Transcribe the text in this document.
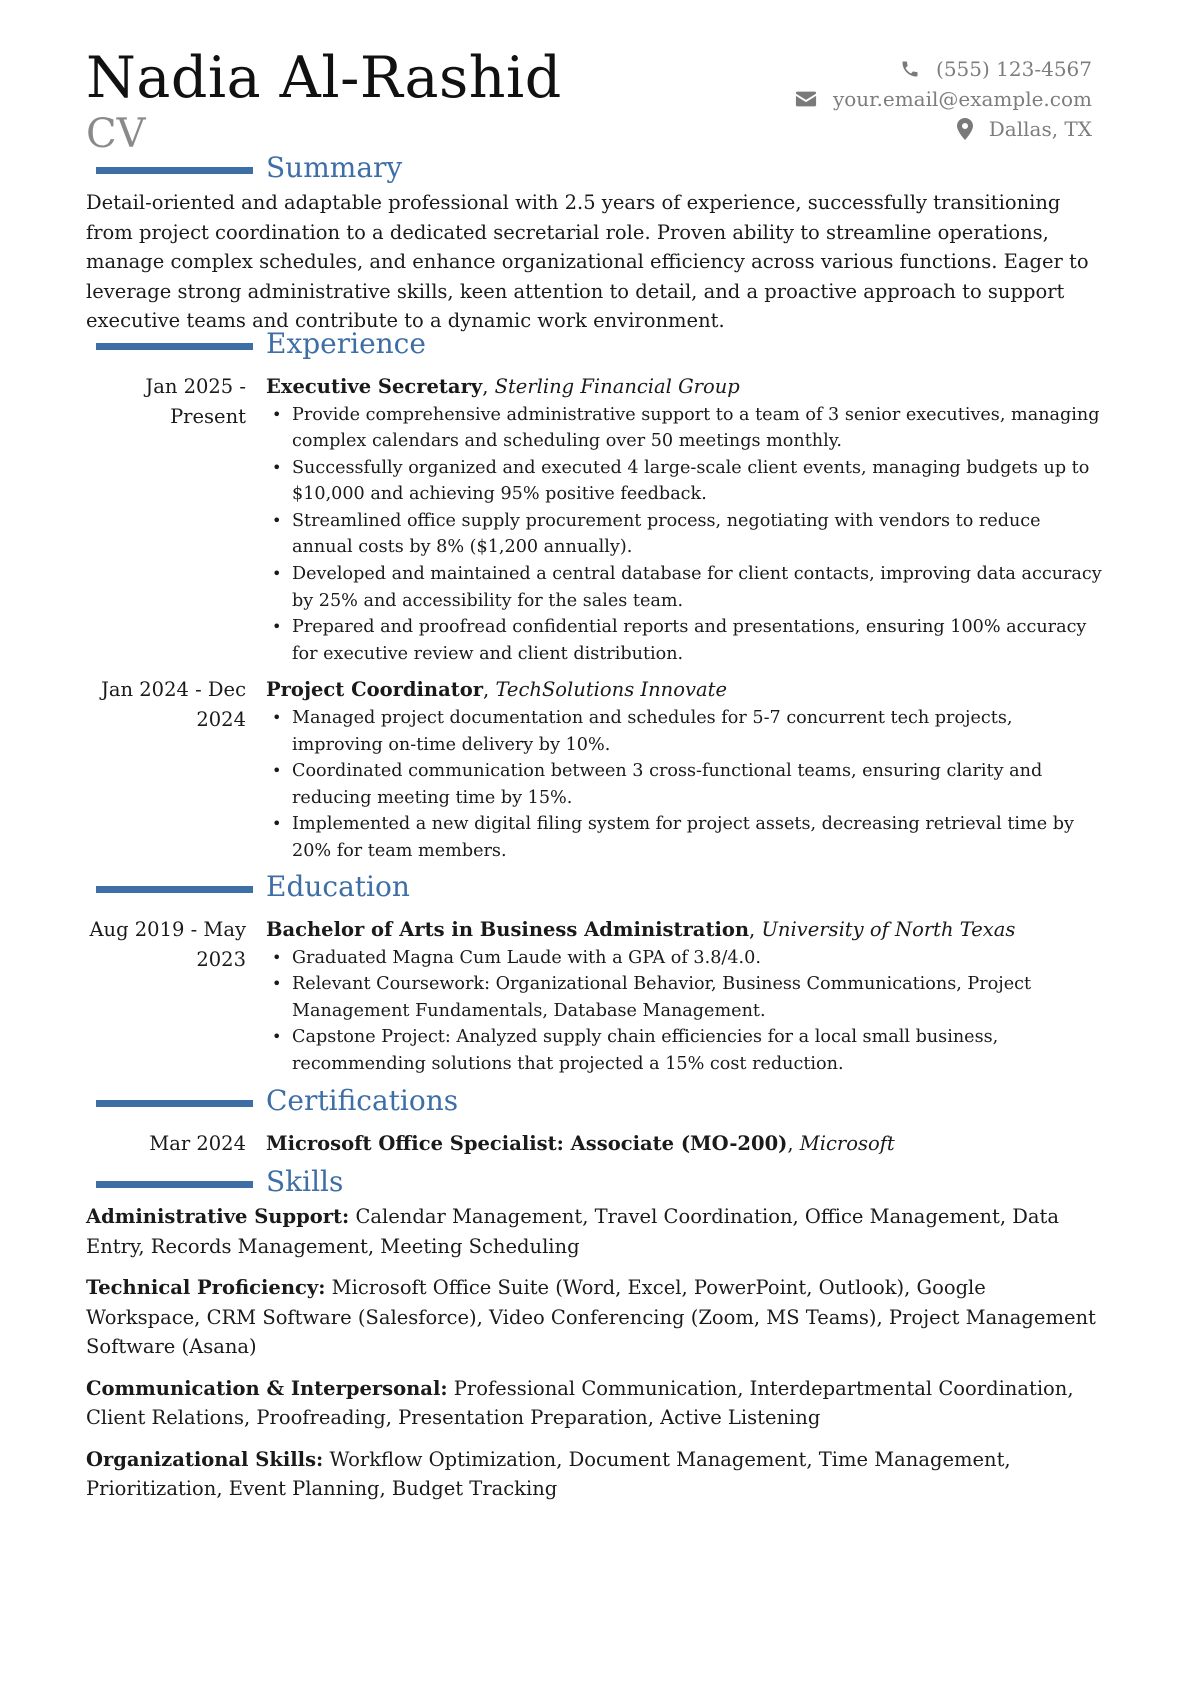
Nadia Al-Rashid
CV
(555) 123-4567
your.email@example.com
Dallas, TX
Summary

Detail-oriented and adaptable professional with 2.5 years of experience, successfully transitioning from project coordination to a dedicated secretarial role. Proven ability to streamline operations, manage complex schedules, and enhance organizational efficiency across various functions. Eager to leverage strong administrative skills, keen attention to detail, and a proactive approach to support executive teams and contribute to a dynamic work environment.

Experience
Jan 2025 - Present
Executive Secretary, Sterling Financial Group
• Provide comprehensive administrative support to a team of 3 senior executives, managing complex calendars and scheduling over 50 meetings monthly.
• Successfully organized and executed 4 large-scale client events, managing budgets up to $10,000 and achieving 95% positive feedback.
• Streamlined office supply procurement process, negotiating with vendors to reduce annual costs by 8% ($1,200 annually).
• Developed and maintained a central database for client contacts, improving data accuracy by 25% and accessibility for the sales team.
• Prepared and proofread confidential reports and presentations, ensuring 100% accuracy for executive review and client distribution.
Jan 2024 - Dec 2024
Project Coordinator, TechSolutions Innovate
• Managed project documentation and schedules for 5-7 concurrent tech projects, improving on-time delivery by 10%.
• Coordinated communication between 3 cross-functional teams, ensuring clarity and reducing meeting time by 15%.
• Implemented a new digital filing system for project assets, decreasing retrieval time by 20% for team members.
Education
Aug 2019 - May 2023
Bachelor of Arts in Business Administration, University of North Texas
• Graduated Magna Cum Laude with a GPA of 3.8/4.0.
• Relevant Coursework: Organizational Behavior, Business Communications, Project Management Fundamentals, Database Management.
• Capstone Project: Analyzed supply chain efficiencies for a local small business, recommending solutions that projected a 15% cost reduction.
Certifications
Mar 2024	Microsoft Office Specialist: Associate (MO-200), Microsoft
Skills

Administrative Support: Calendar Management, Travel Coordination, Office Management, Data Entry, Records Management, Meeting Scheduling

Technical Proficiency: Microsoft Office Suite (Word, Excel, PowerPoint, Outlook), Google Workspace, CRM Software (Salesforce), Video Conferencing (Zoom, MS Teams), Project Management Software (Asana)

Communication & Interpersonal: Professional Communication, Interdepartmental Coordination, Client Relations, Proofreading, Presentation Preparation, Active Listening

Organizational Skills: Workflow Optimization, Document Management, Time Management, Prioritization, Event Planning, Budget Tracking
